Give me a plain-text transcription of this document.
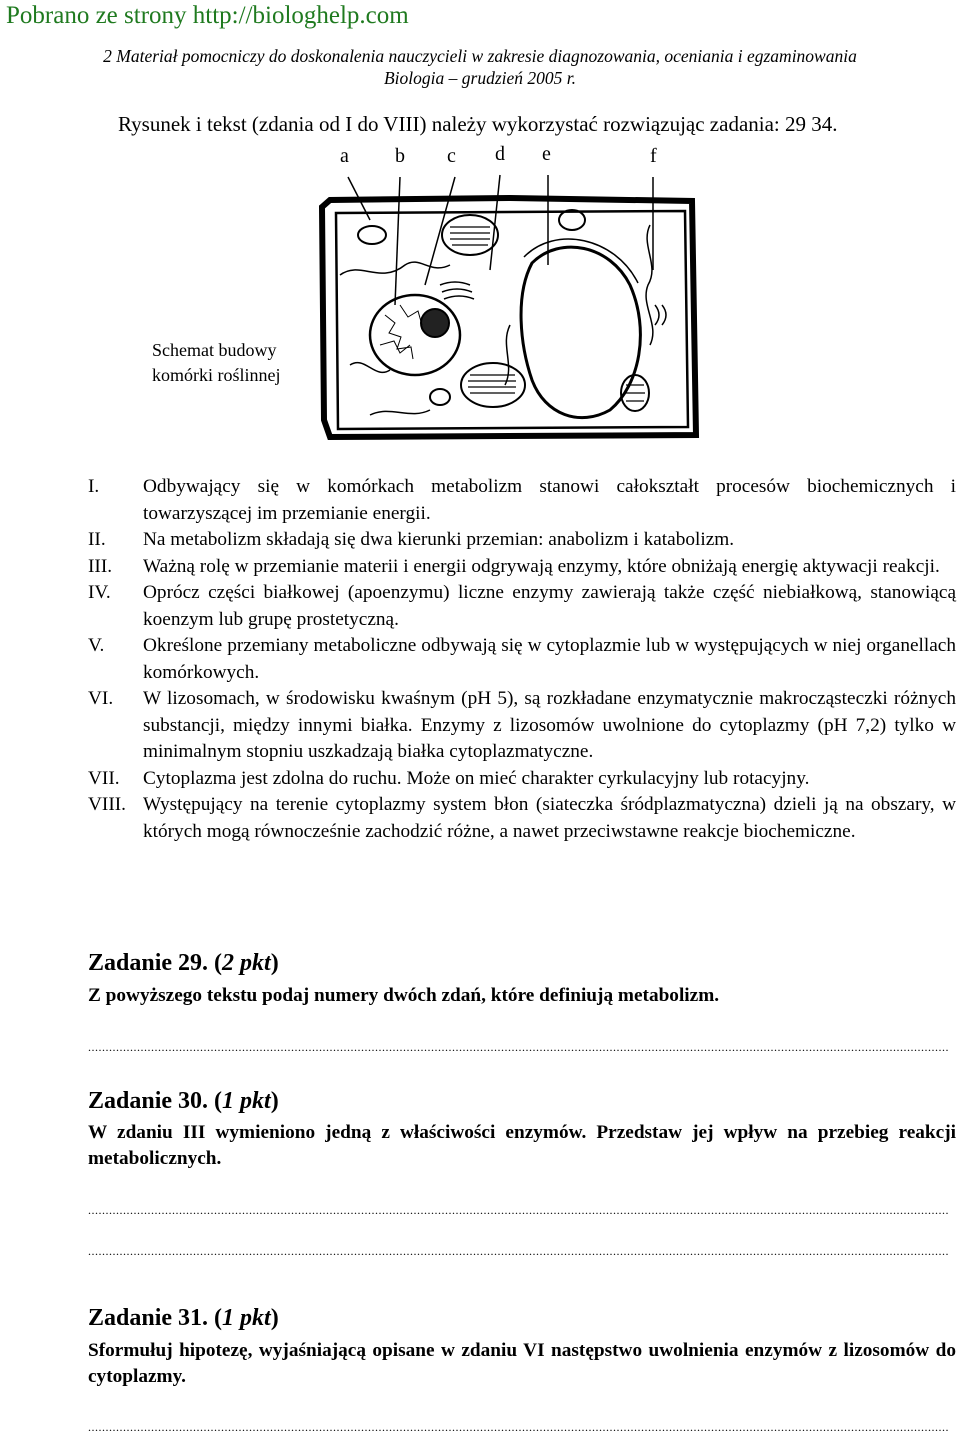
Pobrano ze strony http://biologhelp.com
2 Materiał pomocniczy do doskonalenia nauczycieli w zakresie diagnozowania, oceniania i egzaminowania
Biologia – grudzień 2005 r.
Rysunek i tekst (zdania od I do VIII) należy wykorzystać rozwiązując zadania: 29 34.
a b c d e	f
Schemat budowy
komórki roślinnej
I.	Odbywający się w komórkach metabolizm stanowi całokształt procesów biochemicznych i towarzyszącej im przemianie energii.
II.	Na metabolizm składają się dwa kierunki przemian: anabolizm i katabolizm.
III.	Ważną rolę w przemianie materii i energii odgrywają enzymy, które obniżają energię aktywacji reakcji.
IV.	Oprócz części białkowej (apoenzymu) liczne enzymy zawierają także część niebiałkową, stanowiącą koenzym lub grupę prostetyczną.
V.	Określone przemiany metaboliczne odbywają się w cytoplazmie lub w występujących w niej organellach komórkowych.
VI.	W lizosomach, w środowisku kwaśnym (pH 5), są rozkładane enzymatycznie makrocząsteczki różnych substancji, między innymi białka. Enzymy z lizosomów uwolnione do cytoplazmy (pH 7,2) tylko w minimalnym stopniu uszkadzają białka cytoplazmatyczne.
VII.	Cytoplazma jest zdolna do ruchu. Może on mieć charakter cyrkulacyjny lub rotacyjny.
VIII. Występujący na terenie cytoplazmy system błon (siateczka śródplazmatyczna) dzieli ją na obszary, w których mogą równocześnie zachodzić różne, a nawet przeciwstawne reakcje biochemiczne.
Zadanie 29. (2 pkt)
Z powyższego tekstu podaj numery dwóch zdań, które definiują metabolizm.
......................................................................................................................................................................................................................................................
Zadanie 30. (1 pkt)
W zdaniu III wymieniono jedną z właściwości enzymów. Przedstaw jej wpływ na przebieg reakcji metabolicznych.
......................................................................................................................................................................................................................................................
......................................................................................................................................................................................................................................................
Zadanie 31. (1 pkt)
Sformułuj hipotezę, wyjaśniającą opisane w zdaniu VI następstwo uwolnienia enzymów z lizosomów do cytoplazmy.
......................................................................................................................................................................................................................................................
